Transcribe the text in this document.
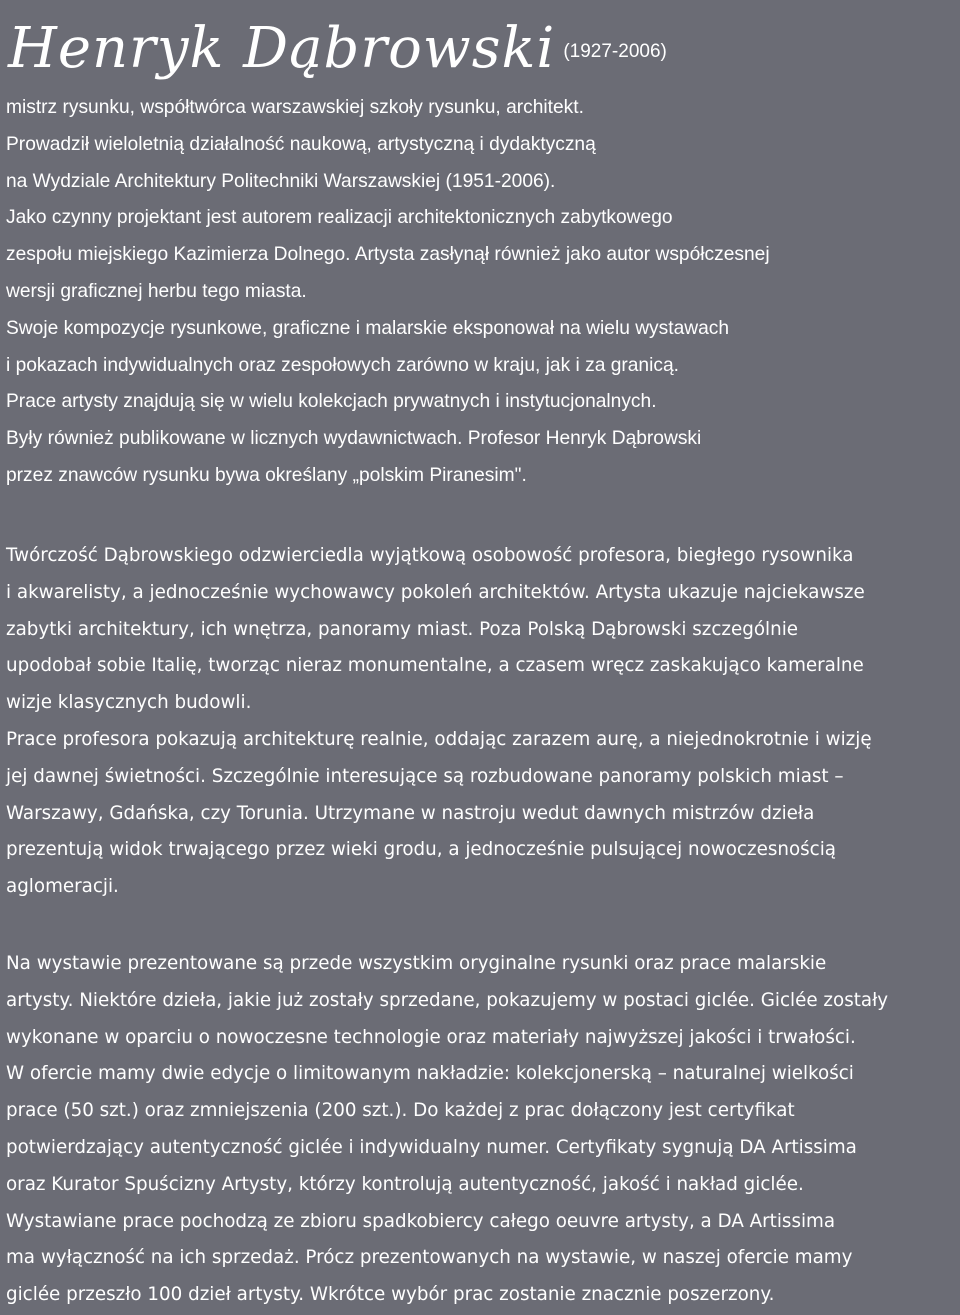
Henryk Dąbrowski (1927-2006)
mistrz rysunku, współtwórca warszawskiej szkoły rysunku, architekt.
Prowadził wieloletnią działalność naukową, artystyczną i dydaktyczną
na Wydziale Architektury Politechniki Warszawskiej (1951-2006).
Jako czynny projektant jest autorem realizacji architektonicznych zabytkowego
zespołu miejskiego Kazimierza Dolnego. Artysta zasłynął również jako autor współczesnej
wersji graficznej herbu tego miasta.
Swoje kompozycje rysunkowe, graficzne i malarskie eksponował na wielu wystawach
i pokazach indywidualnych oraz zespołowych zarówno w kraju, jak i za granicą.
Prace artysty znajdują się w wielu kolekcjach prywatnych i instytucjonalnych.
Były również publikowane w licznych wydawnictwach. Profesor Henryk Dąbrowski
przez znawców rysunku bywa określany „polskim Piranesim".
Twórczość Dąbrowskiego odzwierciedla wyjątkową osobowość profesora, biegłego rysownika
i akwarelisty, a jednocześnie wychowawcy pokoleń architektów. Artysta ukazuje najciekawsze
zabytki architektury, ich wnętrza, panoramy miast. Poza Polską Dąbrowski szczególnie
upodobał sobie Italię, tworząc nieraz monumentalne, a czasem wręcz zaskakująco kameralne
wizje klasycznych budowli.
Prace profesora pokazują architekturę realnie, oddając zarazem aurę, a niejednokrotnie i wizję
jej dawnej świetności. Szczególnie interesujące są rozbudowane panoramy polskich miast –
Warszawy, Gdańska, czy Torunia. Utrzymane w nastroju wedut dawnych mistrzów dzieła
prezentują widok trwającego przez wieki grodu, a jednocześnie pulsującej nowoczesnością
aglomeracji.
Na wystawie prezentowane są przede wszystkim oryginalne rysunki oraz prace malarskie
artysty. Niektóre dzieła, jakie już zostały sprzedane, pokazujemy w postaci giclée. Giclée zostały
wykonane w oparciu o nowoczesne technologie oraz materiały najwyższej jakości i trwałości.
W ofercie mamy dwie edycje o limitowanym nakładzie: kolekcjonerską – naturalnej wielkości
prace (50 szt.) oraz zmniejszenia (200 szt.). Do każdej z prac dołączony jest certyfikat
potwierdzający autentyczność giclée i indywidualny numer. Certyfikaty sygnują DA Artissima
oraz Kurator Spuścizny Artysty, którzy kontrolują autentyczność, jakość i nakład giclée.
Wystawiane prace pochodzą ze zbioru spadkobiercy całego oeuvre artysty, a DA Artissima
ma wyłączność na ich sprzedaż. Prócz prezentowanych na wystawie, w naszej ofercie mamy
giclée przeszło 100 dzieł artysty. Wkrótce wybór prac zostanie znacznie poszerzony.
